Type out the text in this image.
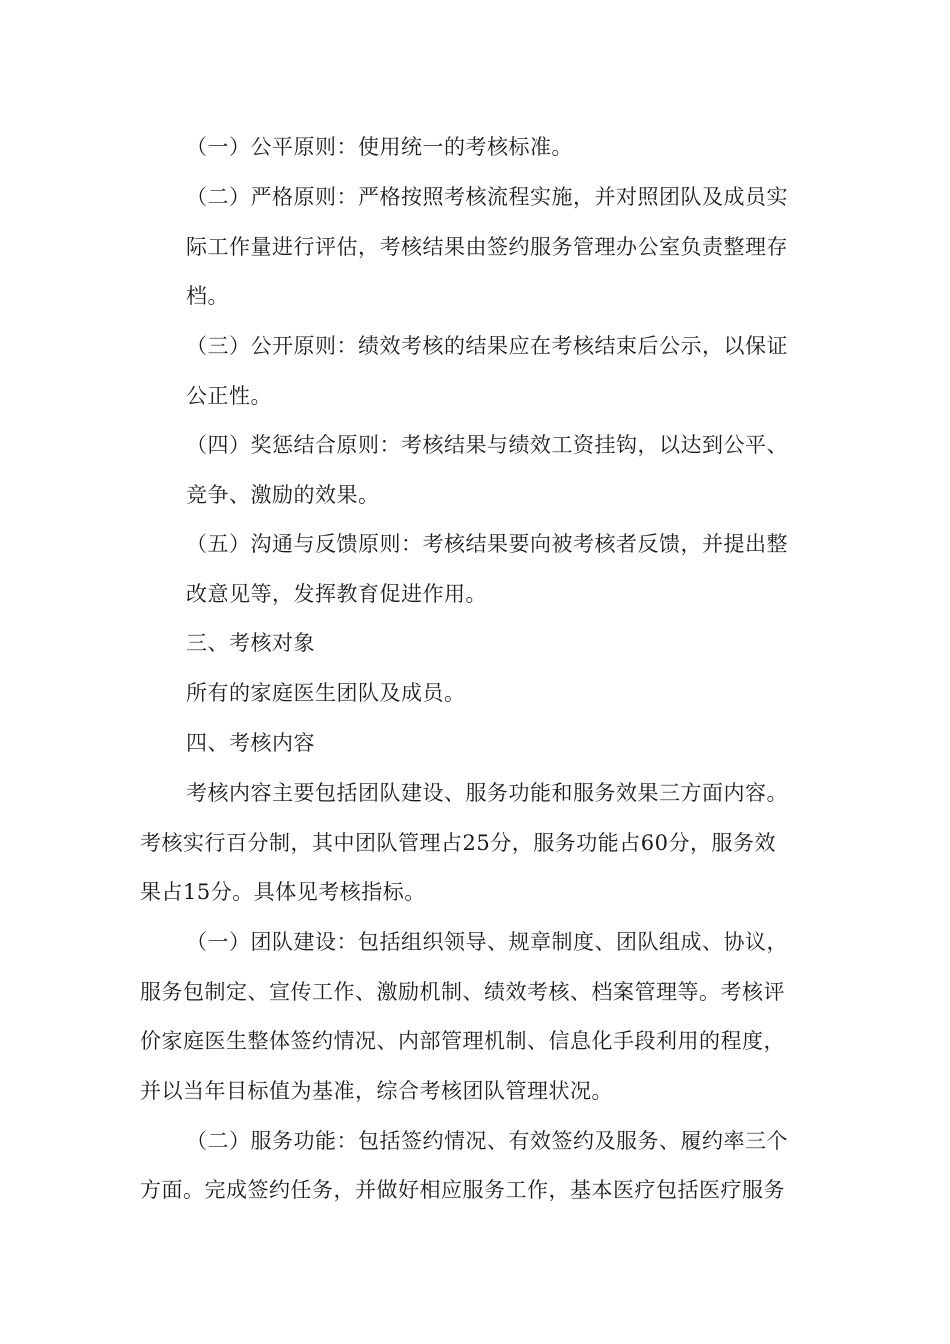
（一）公平原则：使用统一的考核标准。
（二）严格原则：严格按照考核流程实施，并对照团队及成员实
际工作量进行评估，考核结果由签约服务管理办公室负责整理存
档。
（三）公开原则：绩效考核的结果应在考核结束后公示，以保证
公正性。
（四）奖惩结合原则：考核结果与绩效工资挂钩，以达到公平、
竞争、激励的效果。
（五）沟通与反馈原则：考核结果要向被考核者反馈，并提出整
改意见等，发挥教育促进作用。
三、考核对象
所有的家庭医生团队及成员。
四、考核内容
考核内容主要包括团队建设、服务功能和服务效果三方面内容。
考核实行百分制，其中团队管理占25分，服务功能占60分，服务效
果占15分。具体见考核指标。
（一）团队建设：包括组织领导、规章制度、团队组成、协议，
服务包制定、宣传工作、激励机制、绩效考核、档案管理等。考核评
价家庭医生整体签约情况、内部管理机制、信息化手段利用的程度，
并以当年目标值为基准，综合考核团队管理状况。
（二）服务功能：包括签约情况、有效签约及服务、履约率三个
方面。完成签约任务，并做好相应服务工作，基本医疗包括医疗服务
